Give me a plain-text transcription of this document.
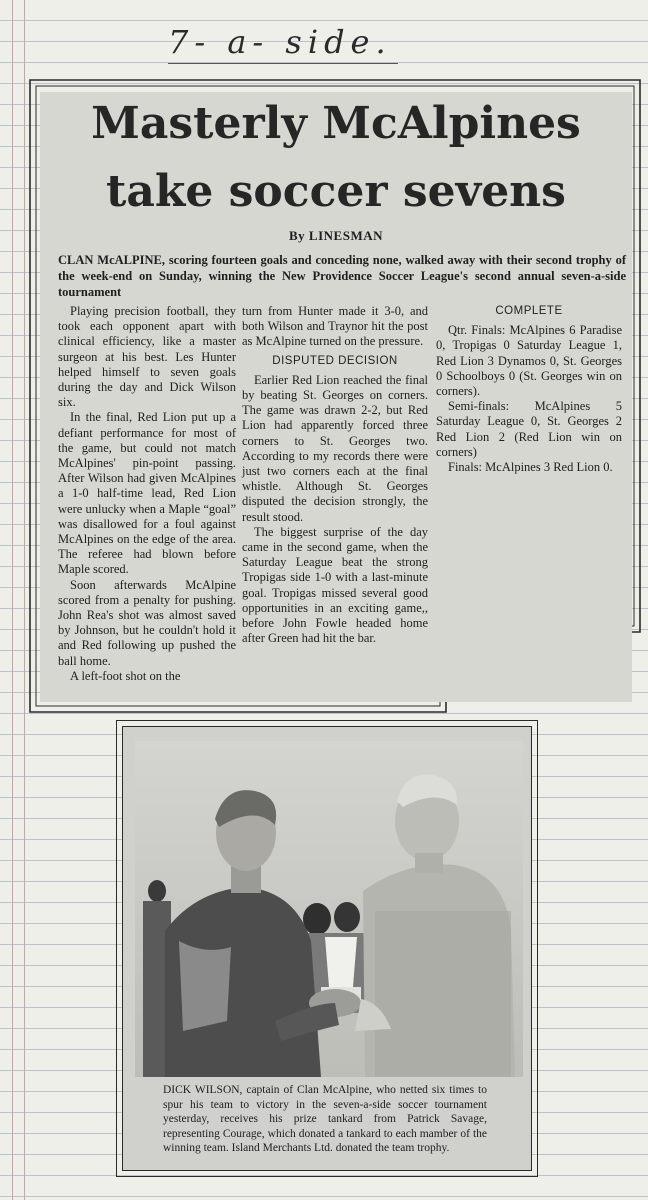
7- a- side.
Masterly McAlpines
take soccer sevens
By LINESMAN
CLAN McALPINE, scoring fourteen goals and conceding none, walked away with their second trophy of the week-end on Sunday, winning the New Providence Soccer League's second annual seven-a-side tournament

Playing precision football, they took each opponent apart with clinical efficiency, like a master surgeon at his best. Les Hunter helped himself to seven goals during the day and Dick Wilson six.

In the final, Red Lion put up a defiant performance for most of the game, but could not match McAlpines' pin-point passing. After Wilson had given McAlpines a 1-0 half-time lead, Red Lion were unlucky when a Maple “goal” was disallowed for a foul against McAlpines on the edge of the area. The referee had blown before Maple scored.

Soon afterwards McAlpine scored from a penalty for pushing. John Rea's shot was almost saved by Johnson, but he couldn't hold it and Red following up pushed the ball home.

A left-foot shot on the

turn from Hunter made it 3-0, and both Wilson and Traynor hit the post as McAlpine turned on the pressure.

DISPUTED DECISION

Earlier Red Lion reached the final by beating St. Georges on corners. The game was drawn 2-2, but Red Lion had apparently forced three corners to St. Georges two. According to my records there were just two corners each at the final whistle. Although St. Georges disputed the decision strongly, the result stood.

The biggest surprise of the day came in the second game, when the Saturday League beat the strong Tropigas side 1-0 with a last-minute goal. Tropigas missed several good opportunities in an exciting game,, before John Fowle headed home after Green had hit the bar.

COMPLETE

Qtr. Finals: McAlpines 6 Paradise 0, Tropigas 0 Saturday League 1, Red Lion 3 Dynamos 0, St. Georges 0 Schoolboys 0 (St. Georges win on corners).

Semi-finals: McAlpines 5 Saturday League 0, St. Georges 2 Red Lion 2 (Red Lion win on corners)

Finals: McAlpines 3 Red Lion 0.

DICK WILSON, captain of Clan McAlpine, who netted six times to spur his team to victory in the seven-a-side soccer tournament yesterday, receives his prize tankard from Patrick Savage, representing Courage, which donated a tankard to each mamber of the winning team. Island Merchants Ltd. donated the team trophy.
